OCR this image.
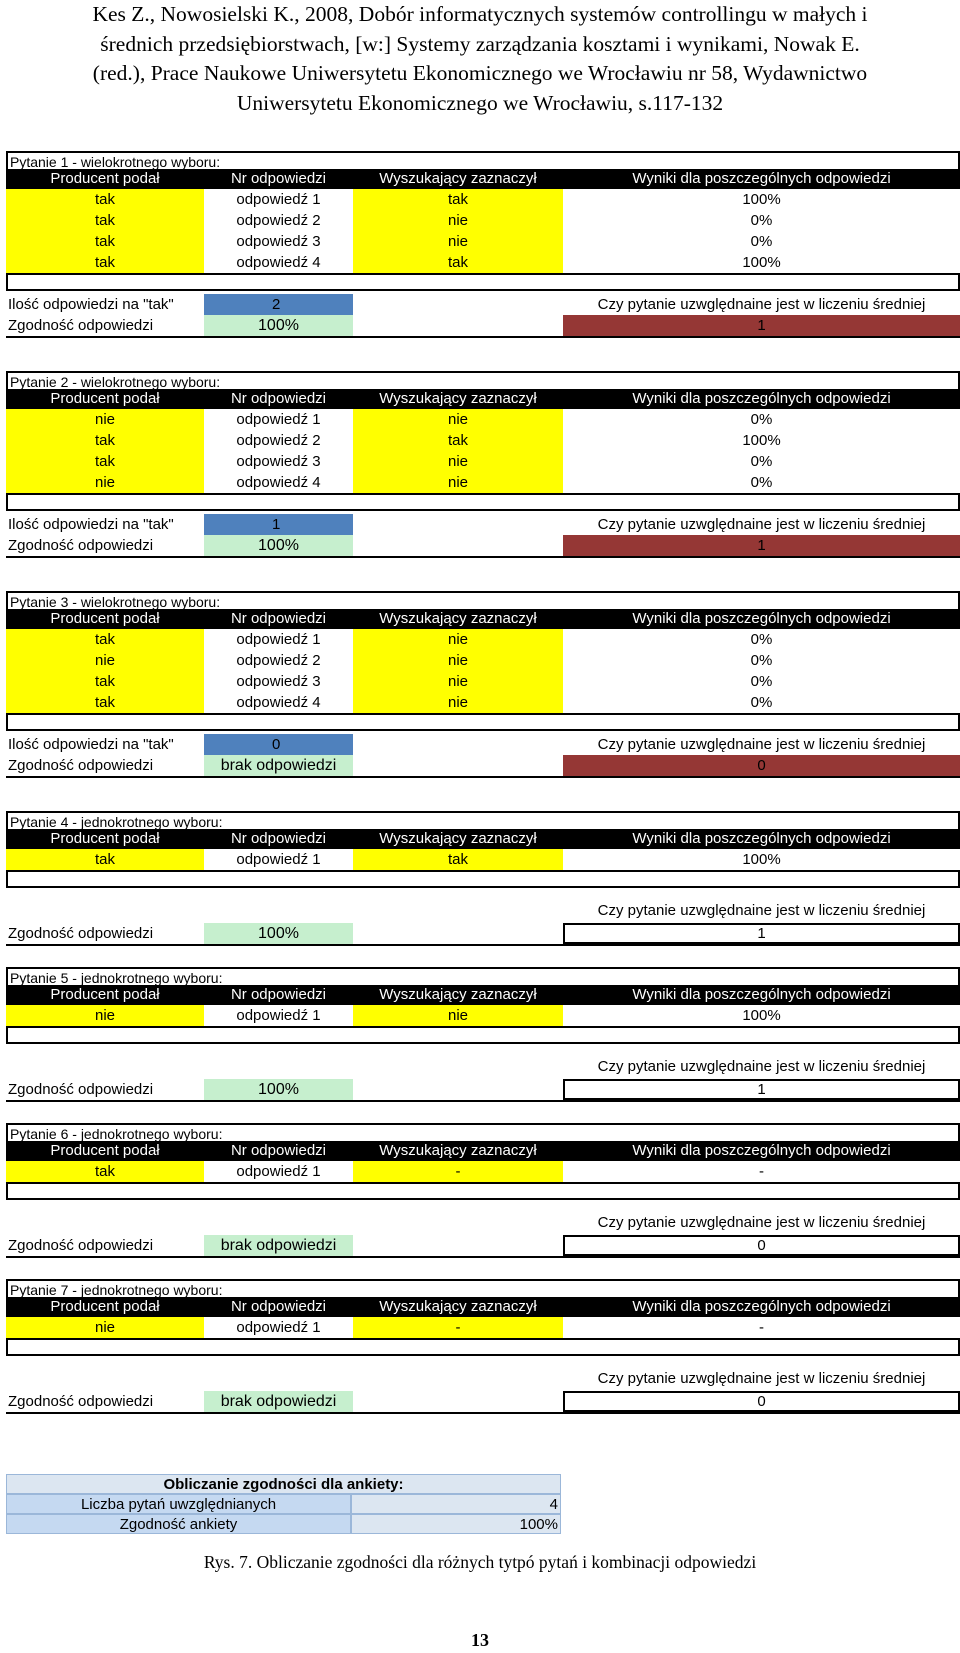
Kes Z., Nowosielski K., 2008, Dobór informatycznych systemów controllingu w małych i
średnich przedsiębiorstwach, [w:] Systemy zarządzania kosztami i wynikami, Nowak E.
(red.), Prace Naukowe Uniwersytetu Ekonomicznego we Wrocławiu nr 58, Wydawnictwo
Uniwersytetu Ekonomicznego we Wrocławiu, s.117-132
Pytanie 1 - wielokrotnego wyboru:
Producent podał	Nr odpowiedzi	Wyszukający zaznaczył	Wyniki dla poszczególnych odpowiedzi
tak	odpowiedź 1	tak	100%
tak	odpowiedź 2	nie	0%
tak	odpowiedź 3	nie	0%
tak	odpowiedź 4	tak	100%
Ilość odpowiedzi na "tak"	2	Czy pytanie uzwględnaine jest w liczeniu średniej
Zgodność odpowiedzi	100%	1
Pytanie 2 - wielokrotnego wyboru:
Producent podał	Nr odpowiedzi	Wyszukający zaznaczył	Wyniki dla poszczególnych odpowiedzi
nie	odpowiedź 1	nie	0%
tak	odpowiedź 2	tak	100%
tak	odpowiedź 3	nie	0%
nie	odpowiedź 4	nie	0%
Ilość odpowiedzi na "tak"	1	Czy pytanie uzwględnaine jest w liczeniu średniej
Zgodność odpowiedzi	100%	1
Pytanie 3 - wielokrotnego wyboru:
Producent podał	Nr odpowiedzi	Wyszukający zaznaczył	Wyniki dla poszczególnych odpowiedzi
tak	odpowiedź 1	nie	0%
nie	odpowiedź 2	nie	0%
tak	odpowiedź 3	nie	0%
tak	odpowiedź 4	nie	0%
Ilość odpowiedzi na "tak"	0	Czy pytanie uzwględnaine jest w liczeniu średniej
Zgodność odpowiedzi	brak odpowiedzi	0
Pytanie 4 - jednokrotnego wyboru:
Producent podał	Nr odpowiedzi	Wyszukający zaznaczył	Wyniki dla poszczególnych odpowiedzi
tak	odpowiedź 1	tak	100%
Czy pytanie uzwględnaine jest w liczeniu średniej
Zgodność odpowiedzi	100%	1
Pytanie 5 - jednokrotnego wyboru:
Producent podał	Nr odpowiedzi	Wyszukający zaznaczył	Wyniki dla poszczególnych odpowiedzi
nie	odpowiedź 1	nie	100%
Czy pytanie uzwględnaine jest w liczeniu średniej
Zgodność odpowiedzi	100%	1
Pytanie 6 - jednokrotnego wyboru:
Producent podał	Nr odpowiedzi	Wyszukający zaznaczył	Wyniki dla poszczególnych odpowiedzi
tak	odpowiedź 1	-	-
Czy pytanie uzwględnaine jest w liczeniu średniej
Zgodność odpowiedzi	brak odpowiedzi	0
Pytanie 7 - jednokrotnego wyboru:
Producent podał	Nr odpowiedzi	Wyszukający zaznaczył	Wyniki dla poszczególnych odpowiedzi
nie	odpowiedź 1	-	-
Czy pytanie uzwględnaine jest w liczeniu średniej
Zgodność odpowiedzi	brak odpowiedzi	0
Obliczanie zgodności dla ankiety:
Liczba pytań uwzględnianych	4
Zgodność ankiety	100%
Rys. 7. Obliczanie zgodności dla różnych tytpó pytań i kombinacji odpowiedzi
13
